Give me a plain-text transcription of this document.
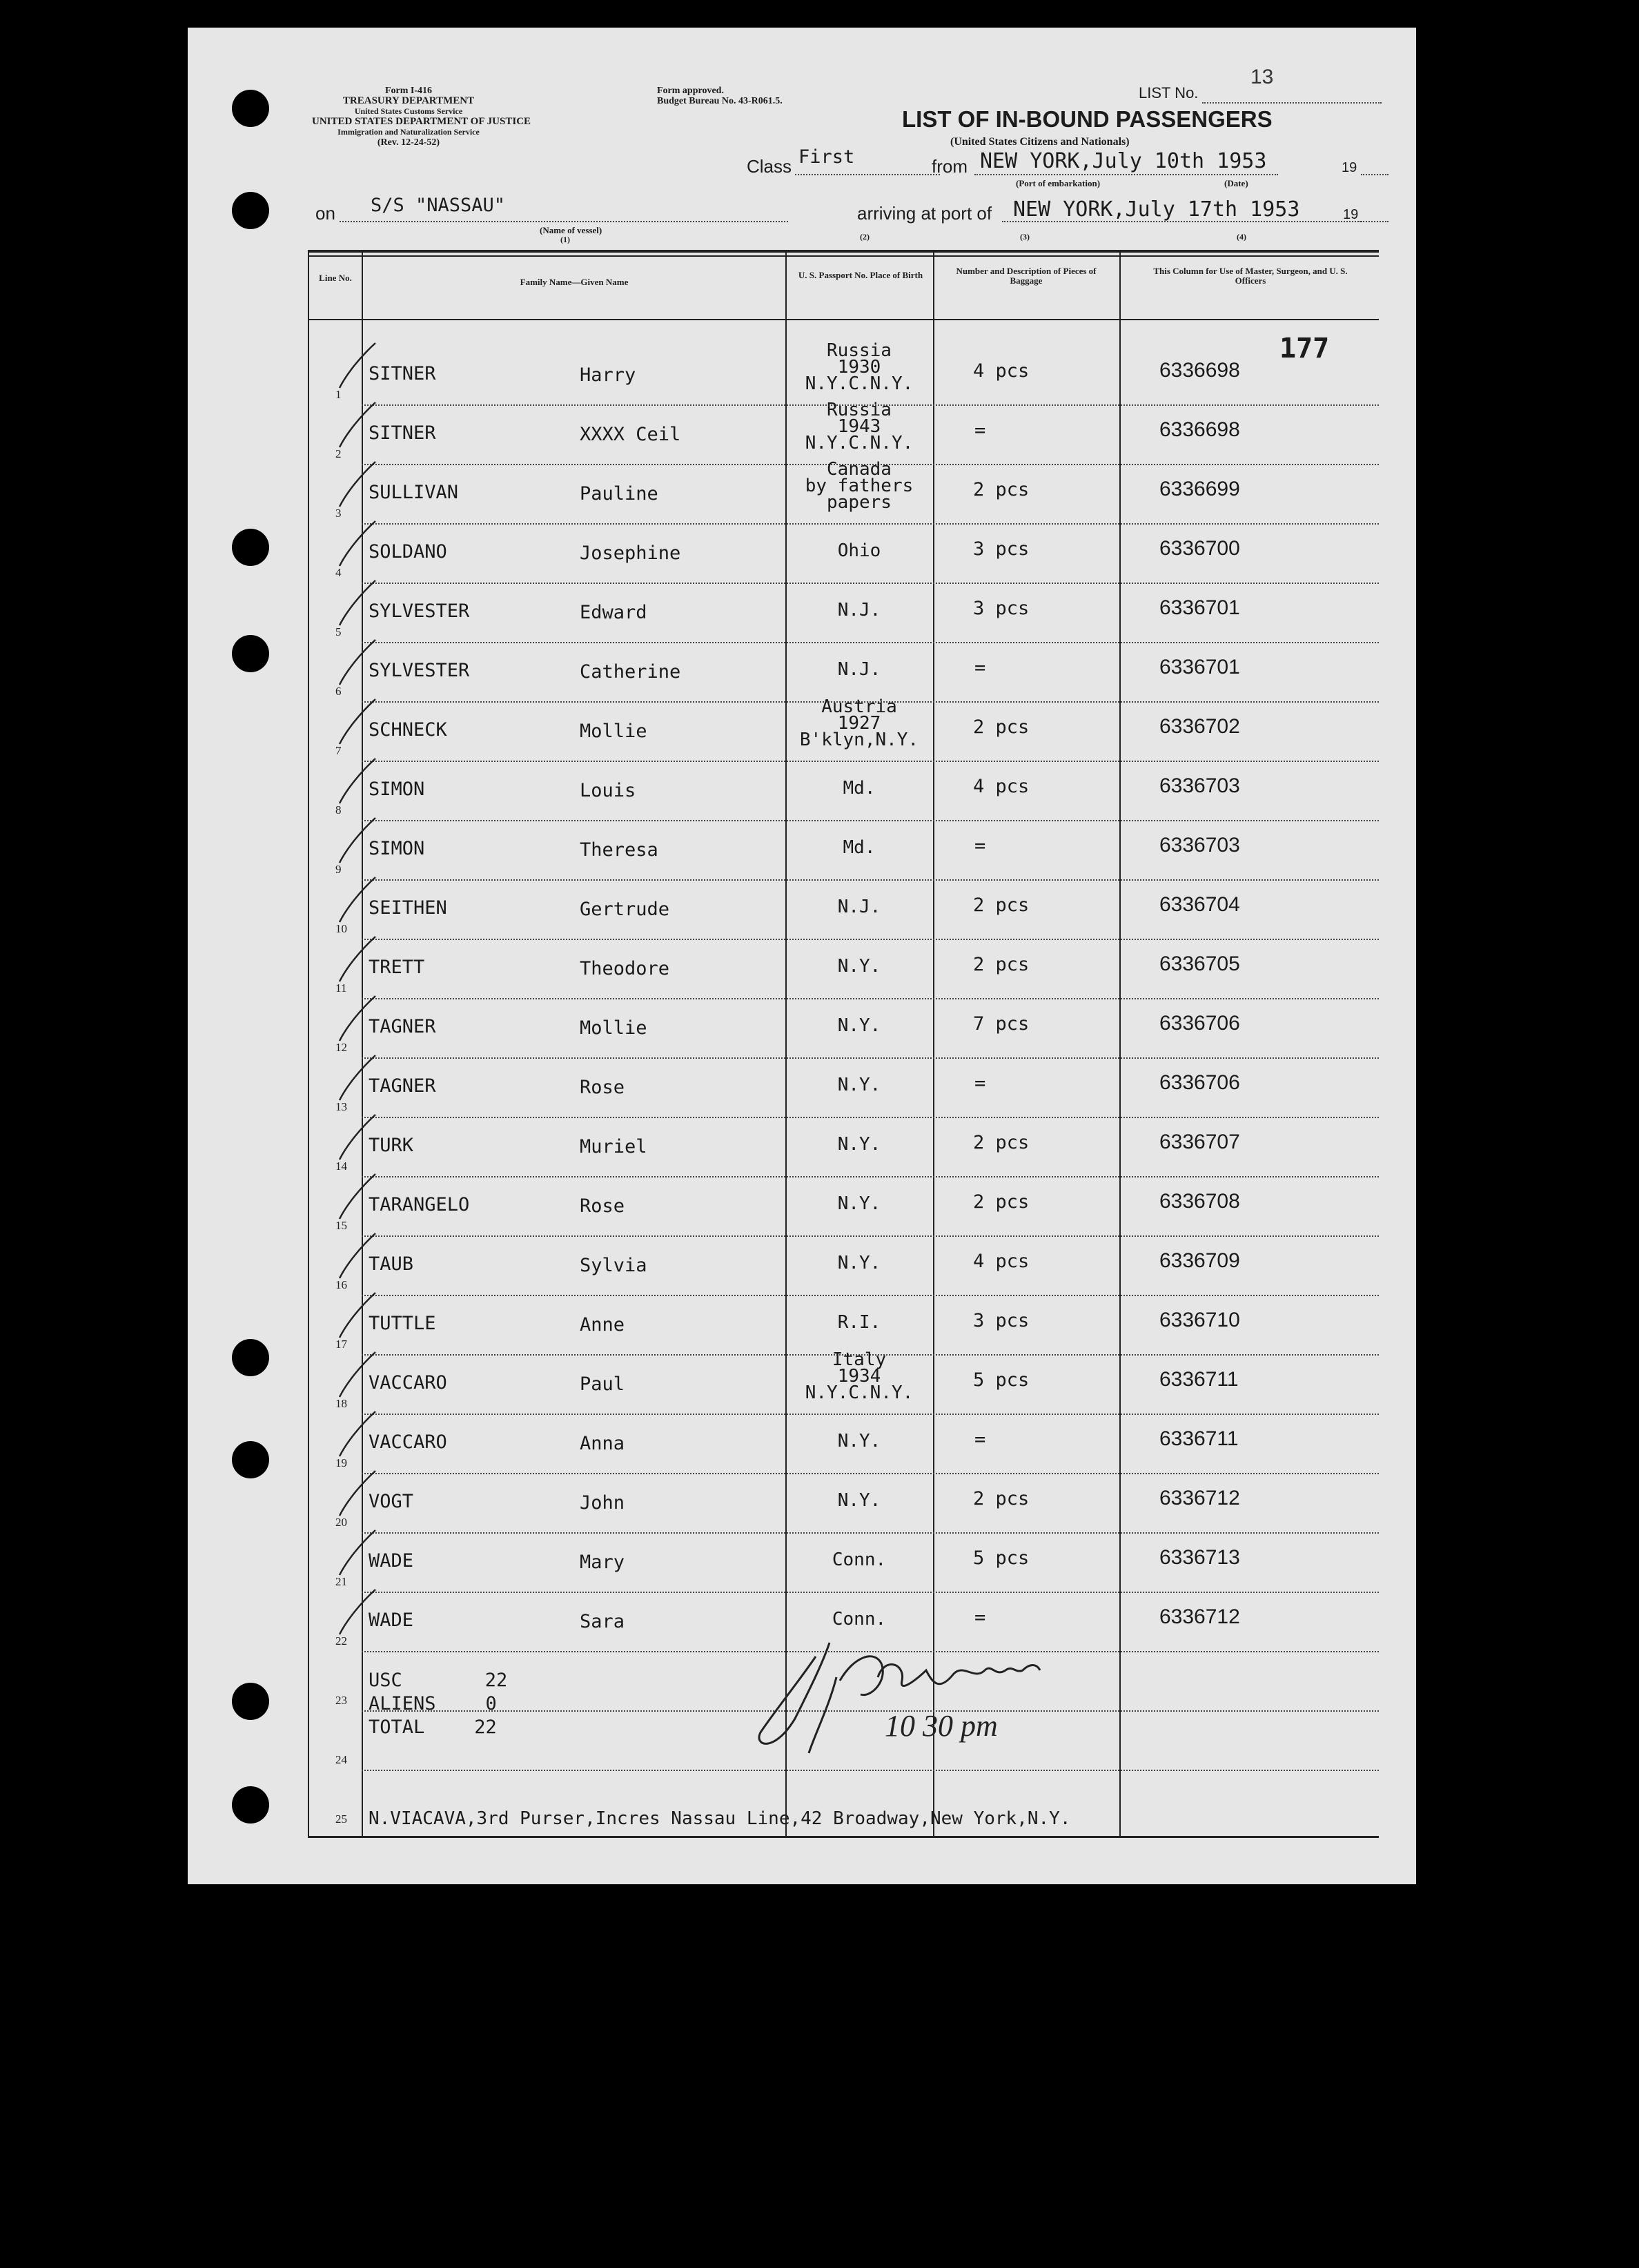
Form I-416
TREASURY DEPARTMENT
United States Customs Service
UNITED STATES DEPARTMENT OF JUSTICE
Immigration and Naturalization Service
(Rev. 12-24-52)
Form approved.
Budget Bureau No. 43-R061.5.	LIST No.
13
LIST OF IN-BOUND PASSENGERS
(United States Citizens and Nationals)
Class First	from NEW YORK,July 10th 1953	19
(Port of embarkation)	(Date)
on S/S "NASSAU"
(Name of vessel)
(1)
arriving at port of NEW YORK,July 17th 1953	19
(2)	(3)	(4)
Line No.	Family Name—Given Name
U. S. Passport No. Place of Birth	Number and Description of Pieces of Baggage
This Column for Use of Master, Surgeon, and U. S. Officers
1
SITNER	Harry
Russia
1930
N.Y.C.N.Y.
4 pcs	6336698
2
SITNER	XXXX Ceil
Russia
1943
N.Y.C.N.Y.
=	6336698
3
SULLIVAN	Pauline
Canada
by fathers
papers
2 pcs	6336699
4
SOLDANO	Josephine	Ohio	3 pcs	6336700
5
SYLVESTER	Edward	N.J.	3 pcs	6336701
6
SYLVESTER	Catherine	N.J.	=	6336701
7
SCHNECK	Mollie
Austria
1927
B'klyn,N.Y.
2 pcs	6336702
8
SIMON	Louis	Md.	4 pcs	6336703
9
SIMON	Theresa	Md.	=	6336703
10
SEITHEN	Gertrude	N.J.	2 pcs	6336704
11
TRETT	Theodore	N.Y.	2 pcs	6336705
12
TAGNER	Mollie	N.Y.	7 pcs	6336706
13
TAGNER	Rose	N.Y.	=	6336706
14
TURK	Muriel	N.Y.	2 pcs	6336707
15
TARANGELO	Rose	N.Y.	2 pcs	6336708
16
TAUB	Sylvia	N.Y.	4 pcs	6336709
17
TUTTLE	Anne	R.I.	3 pcs	6336710
18
VACCARO	Paul
Italy
1934
N.Y.C.N.Y.
5 pcs	6336711
19
VACCARO	Anna	N.Y.	=	6336711
20
VOGT	John	N.Y.	2 pcs	6336712
21
WADE	Mary	Conn.	5 pcs	6336713
22
WADE	Sara	Conn.	=	6336712
23
24
25
177
USC	22
ALIENS	0
TOTAL	22	10 30 pm
N.VIACAVA,3rd Purser,Incres Nassau Line,42 Broadway,New York,N.Y.
